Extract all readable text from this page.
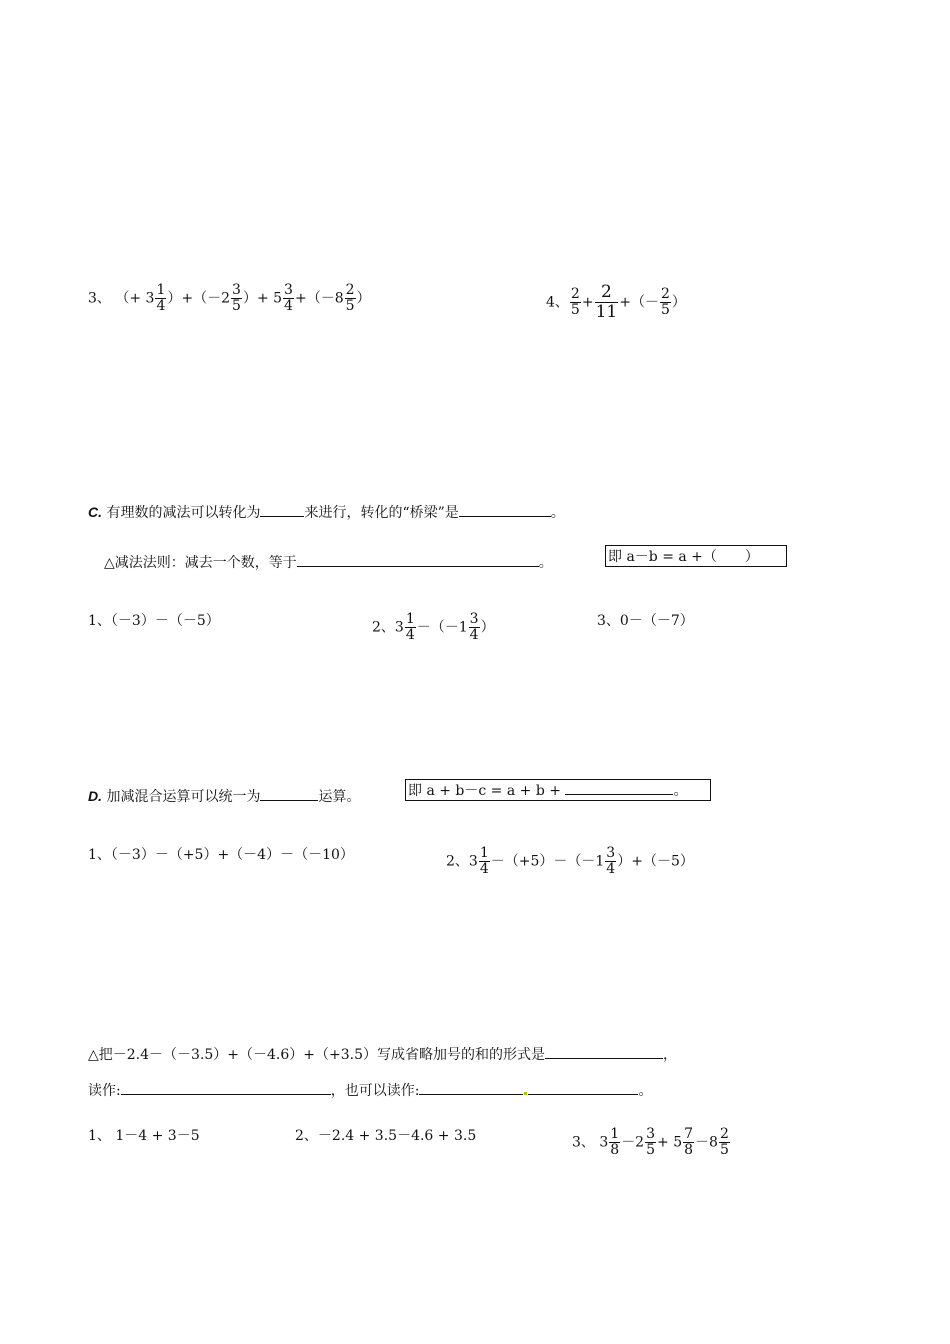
3、 （+ $3 \frac{1}{4} )+(-2 \frac{3}{5}$ ）+ $5 \frac{3}{4} +(-8 \frac{2}{5}$ ）	4、 $\frac{2}{5} + \frac{2}{11}$ +（－ $\frac{2}{5}$ ）
C. 有理数的减法可以转化为	来进行，转化的“桥梁”是	。
△减法法则：减去一个数，等于	。	即 a－b = a +（　　）
1、（－3）－（－5）	2、$3 \frac{1}{4} -(-1 \frac{3}{4}$ ）	3、0－（－7）
D. 加减混合运算可以统一为	运算。	即 a + b－c = a + b +	。
1、（－3）－（+5）+（－4）－（－10）	2、$3 \frac{1}{4} -(+5)-(-1 \frac{3}{4} )+(-5)$
△把－2.4－（－3.5）+（－4.6）+（+3.5）写成省略加号的和的形式是	，
读作:	，也可以读作:	。
1、 1－4 + 3－5	2、－2.4 + 3.5－4.6 + 3.5	3、 $3 \frac{1}{8} -2 \frac{3}{5} + 5 \frac{7}{8} -8 \frac{2}{5}$
